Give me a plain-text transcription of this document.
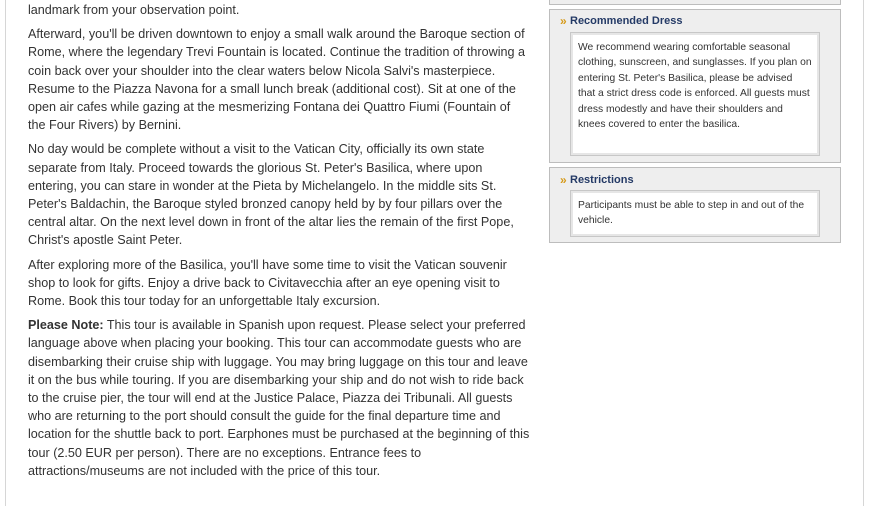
landmark from your observation point.

Afterward, you'll be driven downtown to enjoy a small walk around the Baroque section of Rome, where the legendary Trevi Fountain is located. Continue the tradition of throwing a coin back over your shoulder into the clear waters below Nicola Salvi's masterpiece. Resume to the Piazza Navona for a small lunch break (additional cost). Sit at one of the open air cafes while gazing at the mesmerizing Fontana dei Quattro Fiumi (Fountain of the Four Rivers) by Bernini.

No day would be complete without a visit to the Vatican City, officially its own state separate from Italy. Proceed towards the glorious St. Peter's Basilica, where upon entering, you can stare in wonder at the Pieta by Michelangelo. In the middle sits St. Peter's Baldachin, the Baroque styled bronzed canopy held by by four pillars over the central altar. On the next level down in front of the altar lies the remain of the first Pope, Christ's apostle Saint Peter.

After exploring more of the Basilica, you'll have some time to visit the Vatican souvenir shop to look for gifts. Enjoy a drive back to Civitavecchia after an eye opening visit to Rome. Book this tour today for an unforgettable Italy excursion.

Please Note: This tour is available in Spanish upon request. Please select your preferred language above when placing your booking. This tour can accommodate guests who are disembarking their cruise ship with luggage. You may bring luggage on this tour and leave it on the bus while touring. If you are disembarking your ship and do not wish to ride back to the cruise pier, the tour will end at the Justice Palace, Piazza dei Tribunali. All guests who are returning to the port should consult the guide for the final departure time and location for the shuttle back to port. Earphones must be purchased at the beginning of this tour (2.50 EUR per person). There are no exceptions. Entrance fees to attractions/museums are not included with the price of this tour.

» Recommended Dress
We recommend wearing comfortable seasonal clothing, sunscreen, and sunglasses. If you plan on entering St. Peter's Basilica, please be advised that a strict dress code is enforced. All guests must dress modestly and have their shoulders and knees covered to enter the basilica.
» Restrictions
Participants must be able to step in and out of the vehicle.
